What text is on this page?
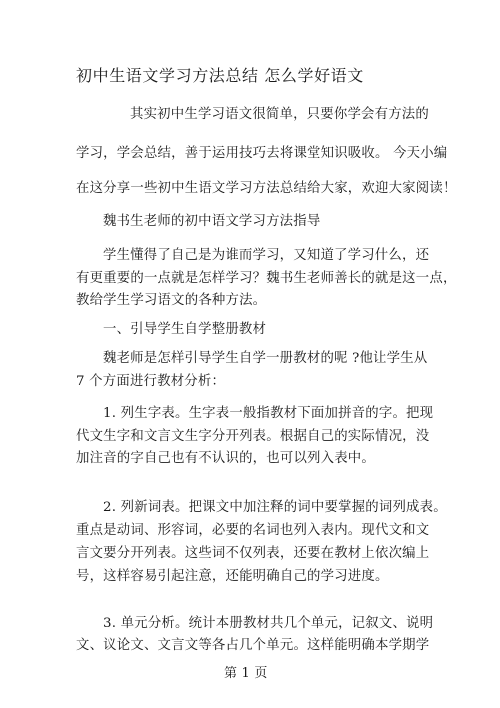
初中生语文学习方法总结 怎么学好语文
其实初中生学习语文很简单，只要你学会有方法的
学习，学会总结，善于运用技巧去将课堂知识吸收。 今天小编
在这分享一些初中生语文学习方法总结给大家，欢迎大家阅读！
魏书生老师的初中语文学习方法指导
学生懂得了自己是为谁而学习，又知道了学习什么，还
有更重要的一点就是怎样学习？魏书生老师善长的就是这一点，
教给学生学习语文的各种方法。
一、引导学生自学整册教材
魏老师是怎样引导学生自学一册教材的呢 ?他让学生从
7 个方面进行教材分析：
1. 列生字表。生字表一般指教材下面加拼音的字。把现
代文生字和文言文生字分开列表。根据自己的实际情况，没
加注音的字自己也有不认识的，也可以列入表中。
2. 列新词表。把课文中加注释的词中要掌握的词列成表。
重点是动词、形容词，必要的名词也列入表内。现代文和文
言文要分开列表。这些词不仅列表，还要在教材上依次编上
号，这样容易引起注意，还能明确自己的学习进度。
3. 单元分析。统计本册教材共几个单元，记叙文、说明
文、议论文、文言文等各占几个单元。这样能明确本学期学
第 1 页
